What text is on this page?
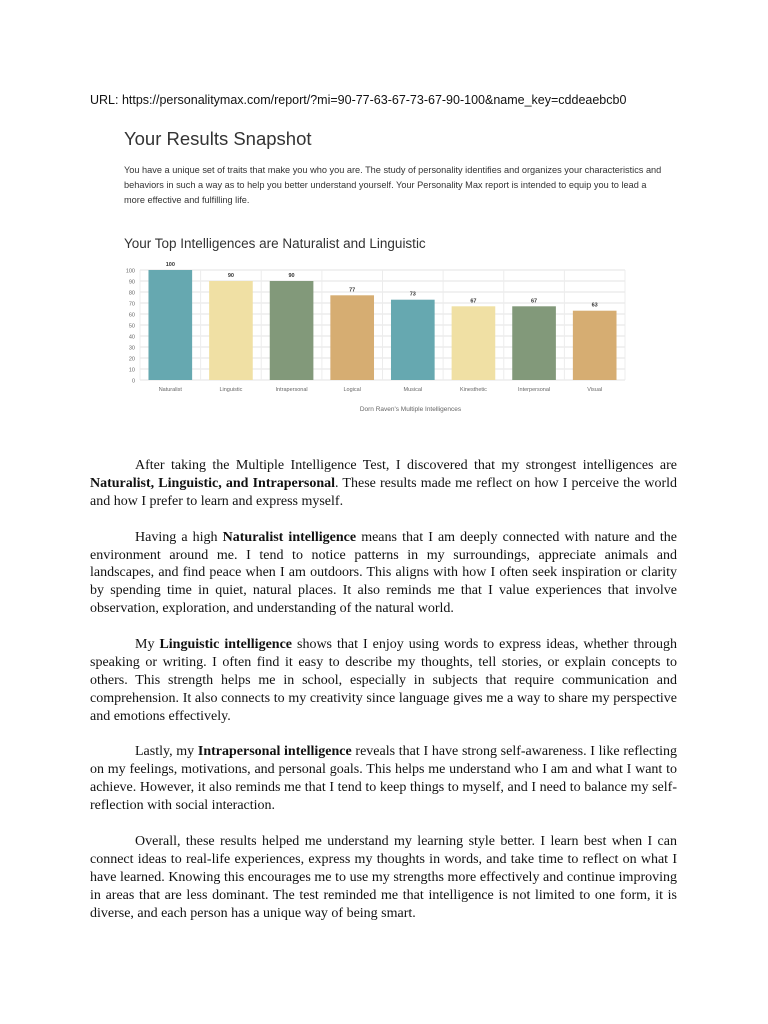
URL: https://personalitymax.com/report/?mi=90-77-63-67-73-67-90-100&name_key=cddeaebcb0
Your Results Snapshot
You have a unique set of traits that make you who you are. The study of personality identifies and organizes your characteristics and behaviors in such a way as to help you better understand yourself. Your Personality Max report is intended to equip you to lead a more effective and fulfilling life.
Your Top Intelligences are Naturalist and Linguistic
0
10
20
30
40
50
60
70
80
90
100
100
Naturalist
90
Linguistic
90
Intrapersonal
77
Logical
73
Musical
67
Kinesthetic
67
Interpersonal
63
Visual
Dorn Raven's Multiple Intelligences

After taking the Multiple Intelligence Test, I discovered that my strongest intelligences are Naturalist, Linguistic, and Intrapersonal. These results made me reflect on how I perceive the world and how I prefer to learn and express myself.

Having a high Naturalist intelligence means that I am deeply connected with nature and the environment around me. I tend to notice patterns in my surroundings, appreciate animals and landscapes, and find peace when I am outdoors. This aligns with how I often seek inspiration or clarity by spending time in quiet, natural places. It also reminds me that I value experiences that involve observation, exploration, and understanding of the natural world.

My Linguistic intelligence shows that I enjoy using words to express ideas, whether through speaking or writing. I often find it easy to describe my thoughts, tell stories, or explain concepts to others. This strength helps me in school, especially in subjects that require communication and comprehension. It also connects to my creativity since language gives me a way to share my perspective and emotions effectively.

Lastly, my Intrapersonal intelligence reveals that I have strong self-awareness. I like reflecting on my feelings, motivations, and personal goals. This helps me understand who I am and what I want to achieve. However, it also reminds me that I tend to keep things to myself, and I need to balance my self-reflection with social interaction.

Overall, these results helped me understand my learning style better. I learn best when I can connect ideas to real-life experiences, express my thoughts in words, and take time to reflect on what I have learned. Knowing this encourages me to use my strengths more effectively and continue improving in areas that are less dominant. The test reminded me that intelligence is not limited to one form, it is diverse, and each person has a unique way of being smart.
